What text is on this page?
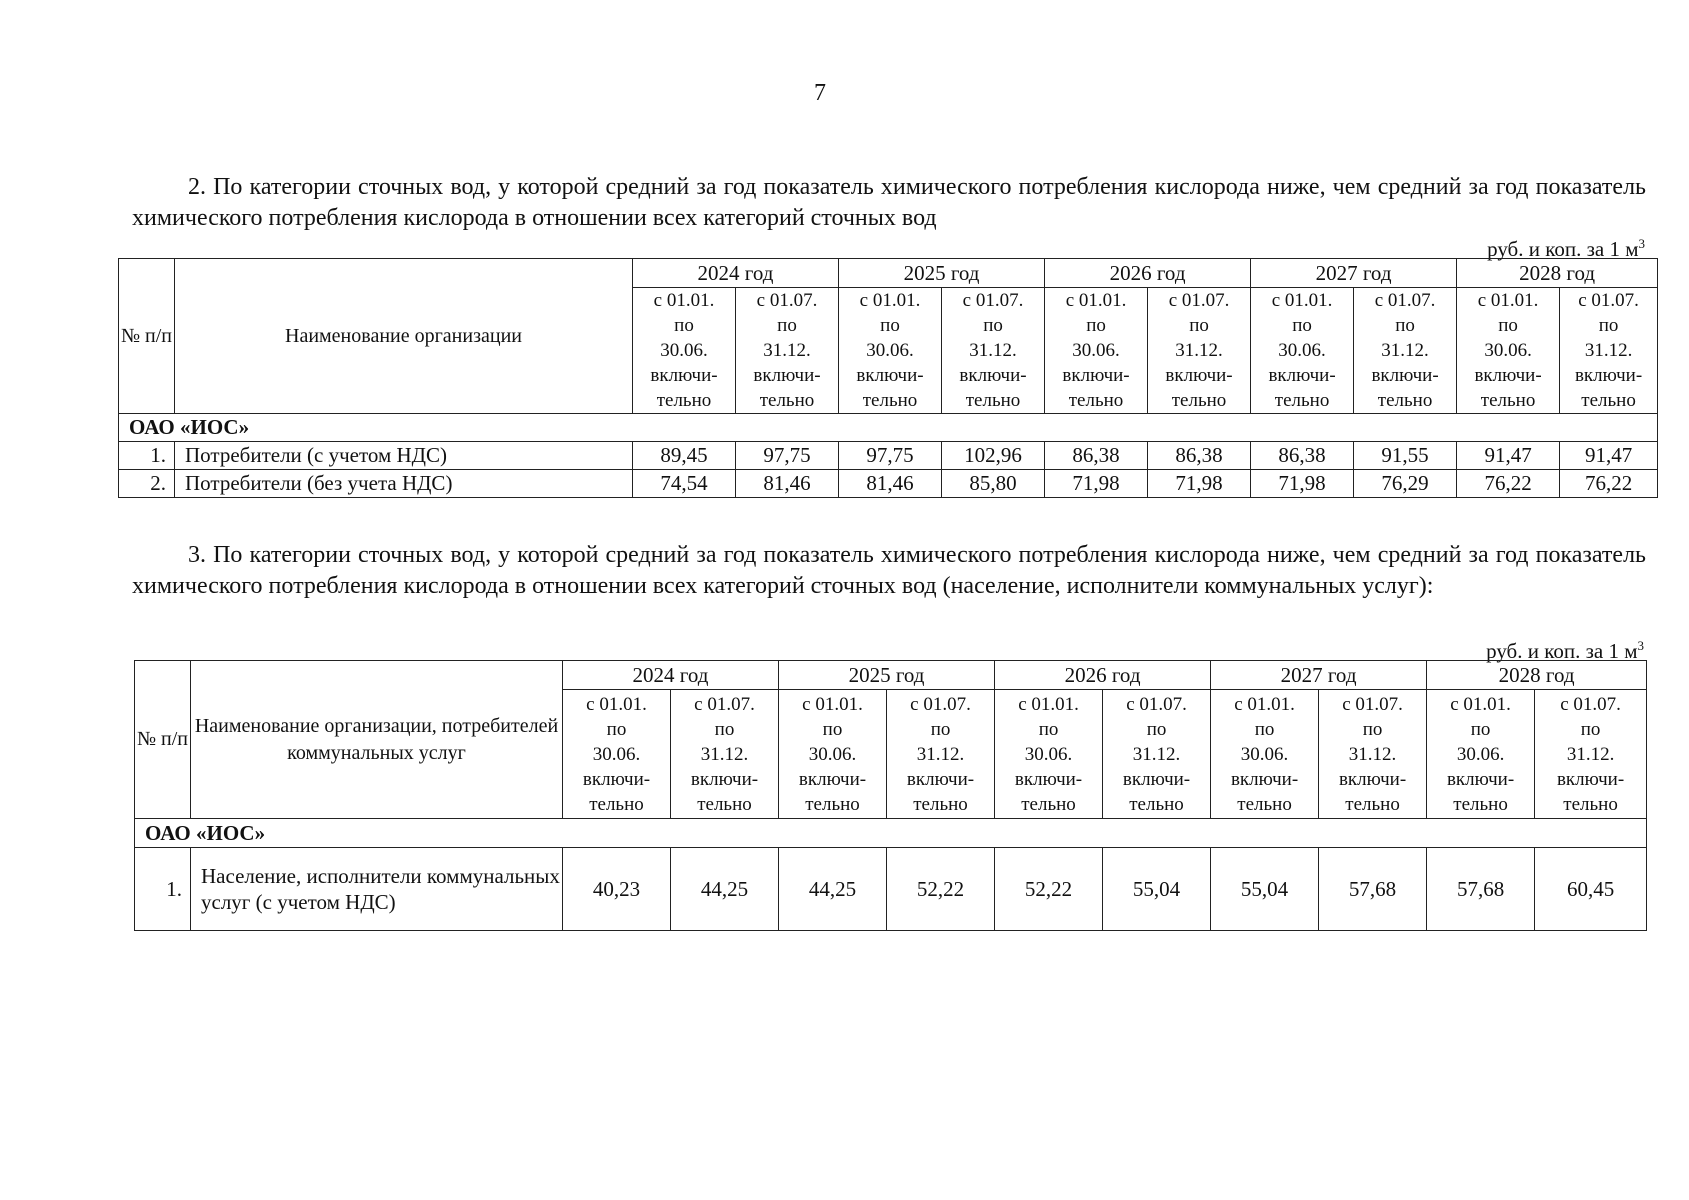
7
2. По категории сточных вод, у которой средний за год показатель химического потребления кислорода ниже, чем средний за год показатель химического потребления кислорода в отношении всех категорий сточных вод
руб. и коп. за 1 $м^3$
№ п/п	Наименование организации	2024 год		2025 год		2026 год		2027 год		2028 год	
		с 01.01.
по
30.06.
включи-
тельно	с 01.07.
по
31.12.
включи-
тельно	с 01.01.
по
30.06.
включи-
тельно	с 01.07.
по
31.12.
включи-
тельно	с 01.01.
по
30.06.
включи-
тельно	с 01.07.
по
31.12.
включи-
тельно	с 01.01.
по
30.06.
включи-
тельно	с 01.07.
по
31.12.
включи-
тельно	с 01.01.
по
30.06.
включи-
тельно	с 01.07.
по
31.12.
включи-
тельно
ОАО «ИОС»											
1.	Потребители (с учетом НДС)	89,45	97,75	97,75	102,96	86,38	86,38	86,38	91,55	91,47	91,47
2.	Потребители (без учета НДС)	74,54	81,46	81,46	85,80	71,98	71,98	71,98	76,29	76,22	76,22
3. По категории сточных вод, у которой средний за год показатель химического потребления кислорода ниже, чем средний за год показатель химического потребления кислорода в отношении всех категорий сточных вод (население, исполнители коммунальных услуг):
руб. и коп. за 1 $м^3$
№ п/п	Наименование организации, потребителей коммунальных услуг	2024 год		2025 год		2026 год		2027 год		2028 год	
		с 01.01.
по
30.06.
включи-
тельно	с 01.07.
по
31.12.
включи-
тельно	с 01.01.
по
30.06.
включи-
тельно	с 01.07.
по
31.12.
включи-
тельно	с 01.01.
по
30.06.
включи-
тельно	с 01.07.
по
31.12.
включи-
тельно	с 01.01.
по
30.06.
включи-
тельно	с 01.07.
по
31.12.
включи-
тельно	с 01.01.
по
30.06.
включи-
тельно	с 01.07.
по
31.12.
включи-
тельно
ОАО «ИОС»											
1.	Население, исполнители коммунальных услуг (с учетом НДС)	40,23	44,25	44,25	52,22	52,22	55,04	55,04	57,68	57,68	60,45
